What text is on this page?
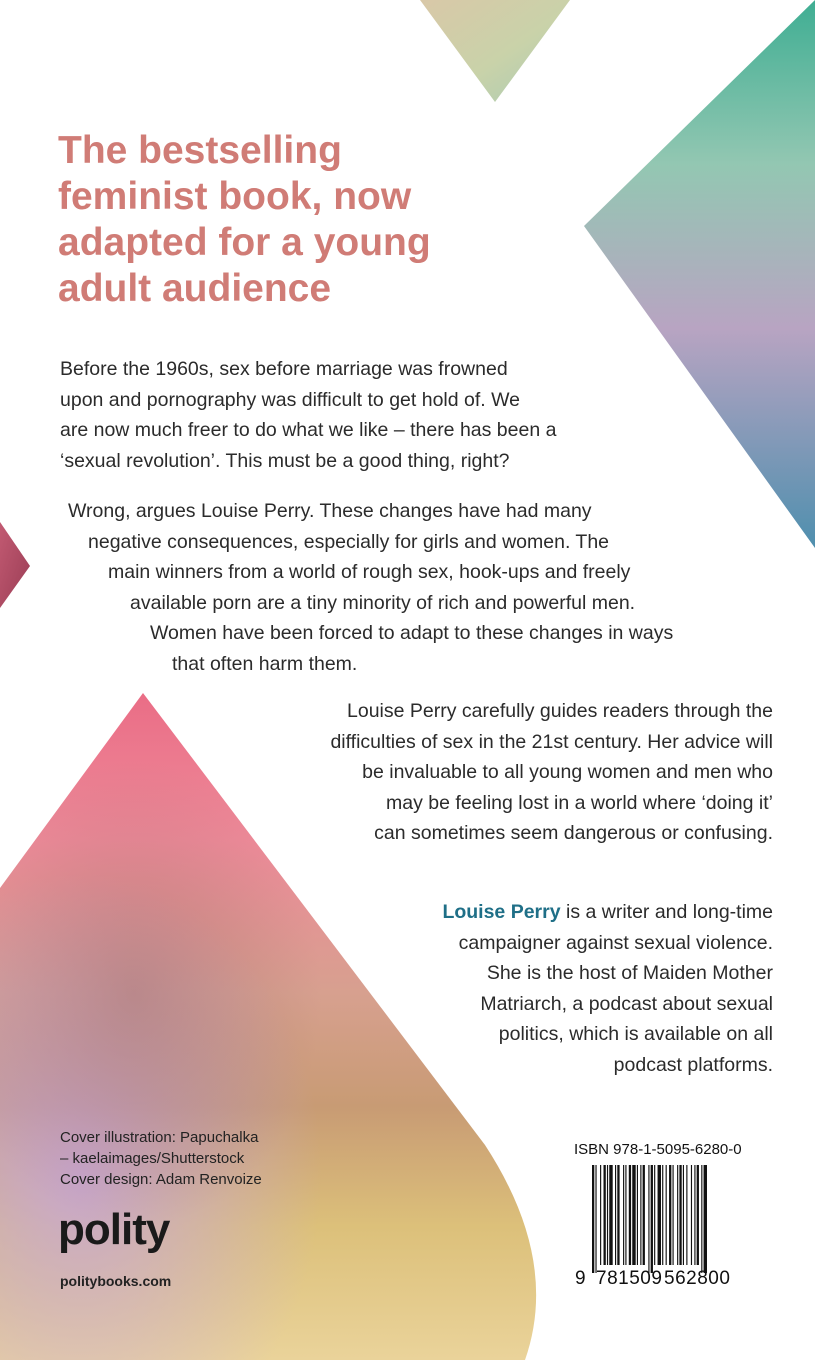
The bestselling
feminist book, now
adapted for a young
adult audience

Before the 1960s, sex before marriage was frowned
upon and pornography was difficult to get hold of. We
are now much freer to do what we like – there has been a
‘sexual revolution’. This must be a good thing, right?

Wrong, argues Louise Perry. These changes have had many
negative consequences, especially for girls and women. The
main winners from a world of rough sex, hook-ups and freely
available porn are a tiny minority of rich and powerful men.
Women have been forced to adapt to these changes in ways
that often harm them.

Louise Perry carefully guides readers through the
difficulties of sex in the 21st century. Her advice will
be invaluable to all young women and men who
may be feeling lost in a world where ‘doing it’
can sometimes seem dangerous or confusing.

Louise Perry is a writer and long-time
campaigner against sexual violence.
She is the host of Maiden Mother
Matriarch, a podcast about sexual
politics, which is available on all
podcast platforms.

Cover illustration: Papuchalka
– kaelaimages/Shutterstock
Cover design: Adam Renvoize

polity
politybooks.com
ISBN 978-1-5095-6280-0
9 781509 562800
